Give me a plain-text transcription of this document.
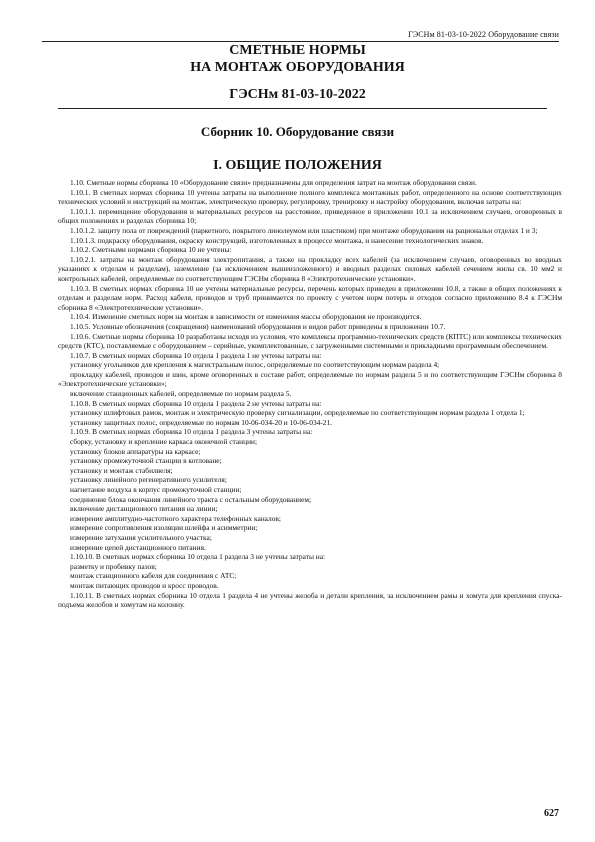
ГЭСНм 81-03-10-2022 Оборудование связи
СМЕТНЫЕ НОРМЫ
НА МОНТАЖ ОБОРУДОВАНИЯ
ГЭСНм 81-03-10-2022
Сборник 10. Оборудование связи
I. ОБЩИЕ ПОЛОЖЕНИЯ

1.10. Сметные нормы сборника 10 «Оборудование связи» предназначены для определения затрат на монтаж оборудования связи.

1.10.1. В сметных нормах сборника 10 учтены затраты на выполнение полного комплекса монтажных работ, определенного на основе соответствующих технических условий и инструкций на монтаж, электрическую проверку, регулировку, тренировку и настройку оборудования, включая затраты на:

1.10.1.1. перемещение оборудования и материальных ресурсов на расстояние, приведенное в приложении 10.1 за исключением случаев, оговоренных в общих положениях и разделах сборника 10;

1.10.1.2. защиту пола от повреждений (паркетного, покрытого линолеумом или пластиком) при монтаже оборудования на рациональн отделах 1 и 3;

1.10.1.3. подкраску оборудования, окраску конструкций, изготовленных в процессе монтажа, и нанесение технологических знаков.

1.10.2. Сметными нормами сборника 10 не учтены:

1.10.2.1. затраты на монтаж оборудования электропитания, а также на прокладку всех кабелей (за исключением случаев, оговоренных во вводных указаниях к отделам и разделам), заземление (за исключением вышеизложенного) и вводных разделах силовых кабелей сечением жилы св. 10 мм2 и контрольных кабелей, определяемые по соответствующим ГЭСНм сборника 8 «Электротехнические установки».

1.10.3. В сметных нормах сборника 10 не учтены материальные ресурсы, перечень которых приведен в приложении 10.8, а также в общих положениях к отделам и разделам норм. Расход кабеля, проводов и труб принимается по проекту с учетом норм потерь и отходов согласно приложению 8.4 к ГЭСНм сборника 8 «Электротехнические установки».

1.10.4. Изменение сметных норм на монтаж в зависимости от изменения массы оборудования не производится.

1.10.5. Условные обозначения (сокращения) наименований оборудования и видов работ приведены в приложении 10.7.

1.10.6. Сметные нормы сборника 10 разработаны исходя из условия, что комплексы программно-технических средств (КПТС) или комплексы технических средств (КТС), поставляемые с оборудованием – серийные, укомплектованные, с загруженными системными и прикладными программным обеспечением.

1.10.7. В сметных нормах сборника 10 отдела 1 раздела 1 не учтены затраты на:

установку угольников для крепления к магистральным полос, определяемые по соответствующим нормам раздела 4;

прокладку кабелей, проводов и шин, кроме оговоренных в составе работ, определяемые по нормам раздела 5 и по соответствующим ГЭСНм сборника 8 «Электротехнические установки»;

включение станционных кабелей, определяемые по нормам раздела 5.

1.10.8. В сметных нормах сборника 10 отдела 1 раздела 2 не учтены затраты на:

установку шлифтовых рамок, монтаж и электрическую проверку сигнализации, определяемые по соответствующим нормам раздела 1 отдела 1;

установку защитных полос, определяемые по нормам 10-06-034-20 и 10-06-034-21.

1.10.9. В сметных нормах сборника 10 отдела 1 раздела 3 учтены затраты на:

сборку, установку и крепление каркаса оконечной станции;

установку блоков аппаратуры на каркасе;

установку промежуточной станции в котловане;

установку и монтаж стабилвеля;

установку линейного регенеративного усилителя;

нагнетание воздуха в корпус промежуточной станции;

соединение блока окончания линейного тракта с остальным оборудованием;

включение дистанционного питания на линии;

измерение амплитудно-частотного характера телефонных каналов;

измерение сопротивления изоляции шлейфа и асимметрии;

измерение затухания усилительного участка;

измерение цепей дистанционного питания.

1.10.10. В сметных нормах сборника 10 отдела 1 раздела 3 не учтены затраты на:

разметку и пробивку пазов;

монтаж станционного кабеля для соединения с АТС;

монтаж питающих проводов и кросс проводов.

1.10.11. В сметных нормах сборника 10 отдела 1 раздела 4 не учтены желоба и детали крепления, за исключением рамы и хомута для крепления спуска-подъема желобов и хомутам на колонну.

627
